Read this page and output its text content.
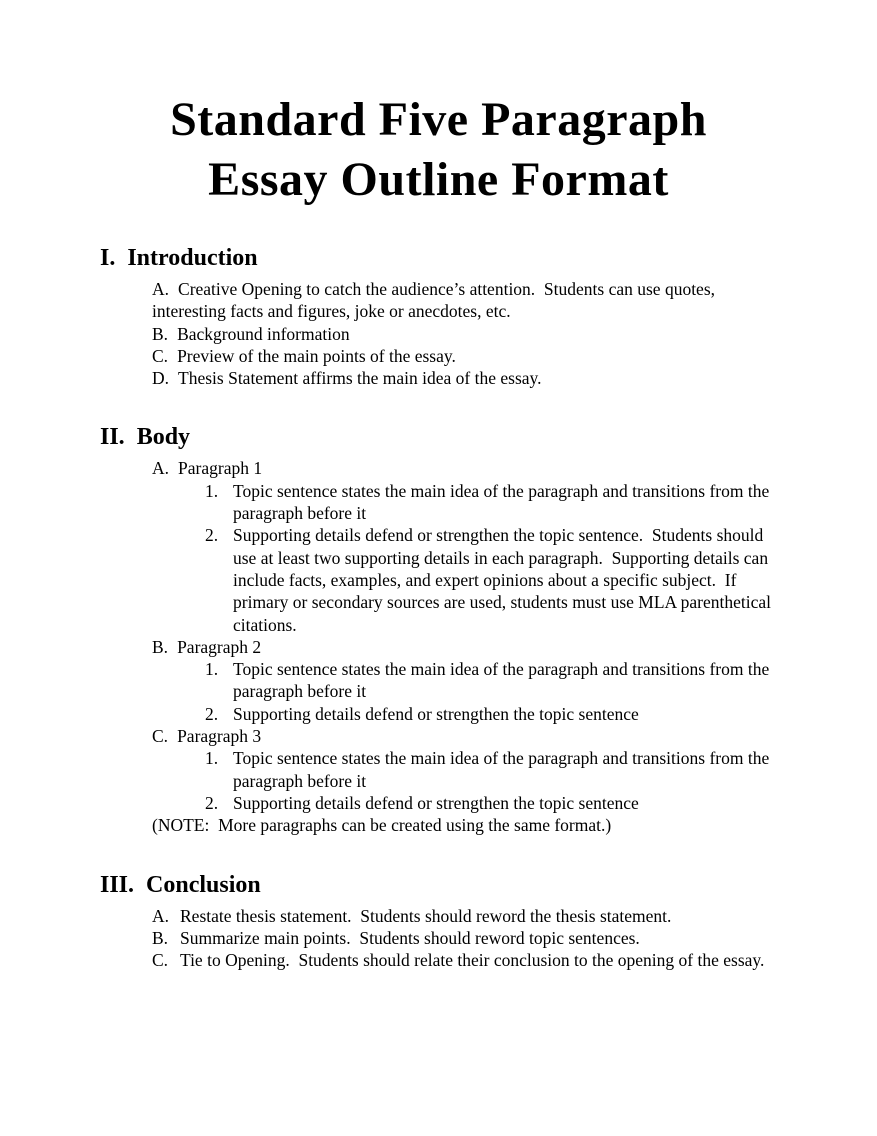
Standard Five Paragraph
Essay Outline Format
I. Introduction

A. Creative Opening to catch the audience’s attention.  Students can use quotes, interesting facts and figures, joke or anecdotes, etc.

B. Background information

C. Preview of the main points of the essay.

D. Thesis Statement affirms the main idea of the essay.

II. Body

A. Paragraph 1

1. Topic sentence states the main idea of the paragraph and transitions from the paragraph before it

2. Supporting details defend or strengthen the topic sentence.  Students should use at least two supporting details in each paragraph.  Supporting details can include facts, examples, and expert opinions about a specific subject.  If primary or secondary sources are used, students must use MLA parenthetical citations.

B. Paragraph 2

1. Topic sentence states the main idea of the paragraph and transitions from the paragraph before it

2. Supporting details defend or strengthen the topic sentence

C. Paragraph 3

1. Topic sentence states the main idea of the paragraph and transitions from the paragraph before it

2. Supporting details defend or strengthen the topic sentence

(NOTE:  More paragraphs can be created using the same format.)

III. Conclusion

A. Restate thesis statement.  Students should reword the thesis statement.

B. Summarize main points.  Students should reword topic sentences.

C. Tie to Opening.  Students should relate their conclusion to the opening of the essay.
